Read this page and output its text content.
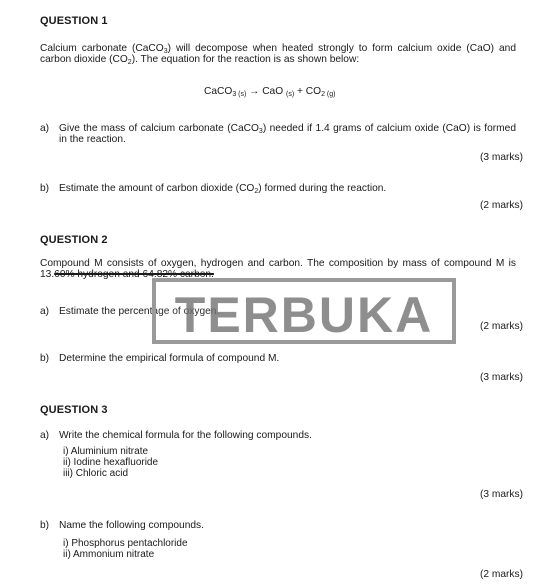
QUESTION 1
Calcium carbonate (CaCO$_3$) will decompose when heated strongly to form calcium oxide (CaO) and carbon dioxide $(CO_2)$. The equation for the reaction is as shown below:
CaCO$_{3 (s)}$ → CaO $_{(s)} + CO_{2 (g)}$
a) Give the mass of calcium carbonate (CaCO$_3$) needed if 1.4 grams of calcium oxide (CaO) is formed in the reaction.
(3 marks)
b) Estimate the amount of carbon dioxide $(CO_2)$ formed during the reaction.
(2 marks)
QUESTION 2
Compound M consists of oxygen, hydrogen and carbon. The composition by mass of compound M is 13.60% hydrogen and 64.82% carbon.
a) Estimate the percentage of oxygen.
(2 marks)
b) Determine the empirical formula of compound M.
(3 marks)
TERBUKA
QUESTION 3
a) Write the chemical formula for the following compounds.
i) Aluminium nitrate
ii) Iodine hexafluoride
iii) Chloric acid
(3 marks)
b) Name the following compounds.
i) Phosphorus pentachloride
ii) Ammonium nitrate
(2 marks)
